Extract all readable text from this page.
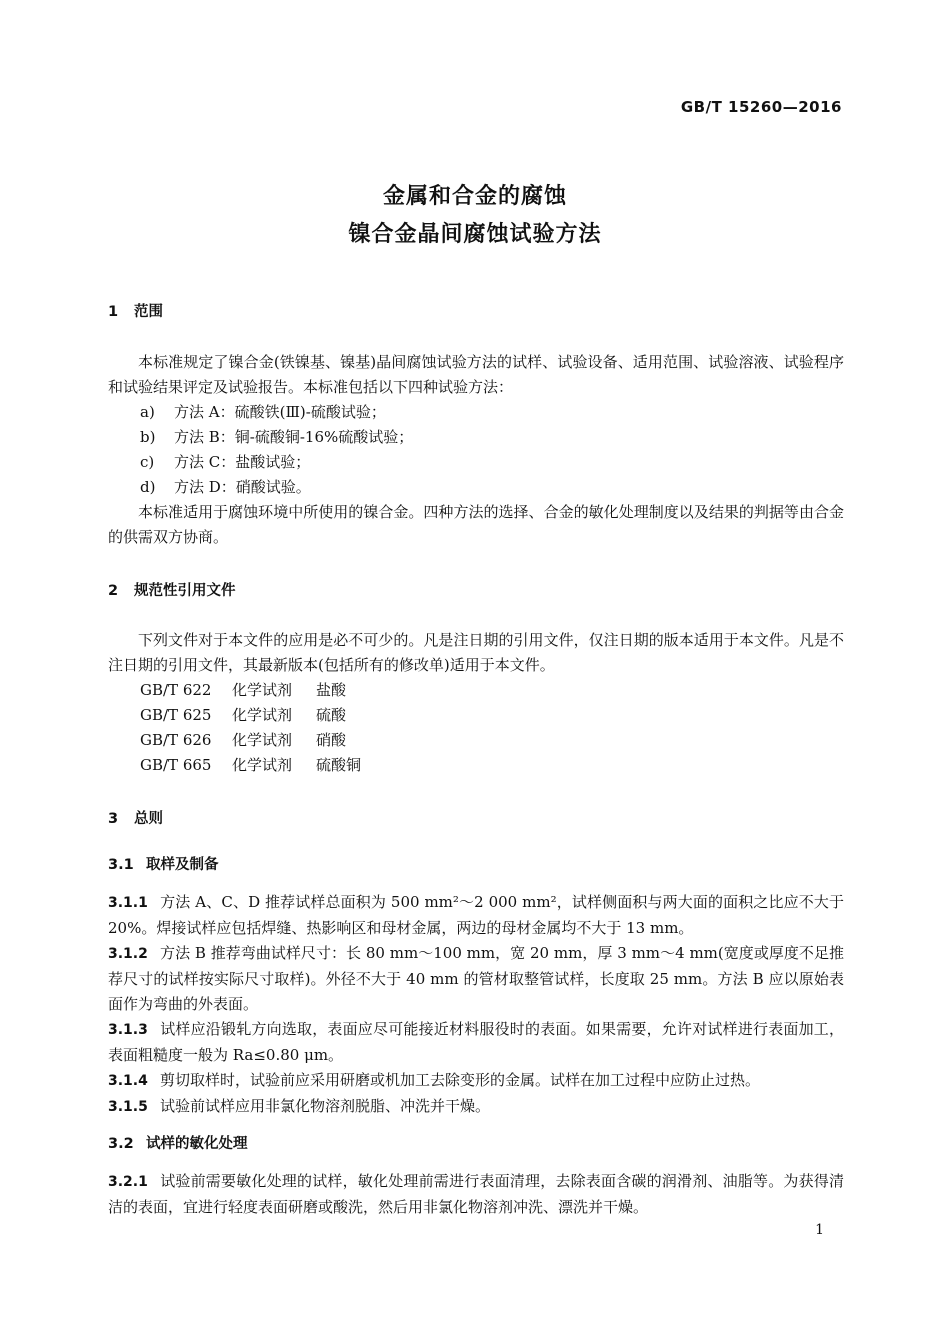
GB/T 15260—2016
金属和合金的腐蚀
镍合金晶间腐蚀试验方法
1 范围

本标准规定了镍合金(铁镍基、镍基)晶间腐蚀试验方法的试样、试验设备、适用范围、试验溶液、试验程序和试验结果评定及试验报告。本标准包括以下四种试验方法：

a) 方法 A：硫酸铁(Ⅲ)-硫酸试验；

b) 方法 B：铜-硫酸铜-16%硫酸试验；

c) 方法 C：盐酸试验；

d) 方法 D：硝酸试验。

本标准适用于腐蚀环境中所使用的镍合金。四种方法的选择、合金的敏化处理制度以及结果的判据等由合金的供需双方协商。

2 规范性引用文件

下列文件对于本文件的应用是必不可少的。凡是注日期的引用文件，仅注日期的版本适用于本文件。凡是不注日期的引用文件，其最新版本(包括所有的修改单)适用于本文件。

GB/T 622 化学试剂 盐酸

GB/T 625 化学试剂 硫酸

GB/T 626 化学试剂 硝酸

GB/T 665 化学试剂 硫酸铜

3 总则
3.1 取样及制备

3.1.1 方法 A、C、D 推荐试样总面积为 500 mm²～2 000 mm²，试样侧面积与两大面的面积之比应不大于 20%。焊接试样应包括焊缝、热影响区和母材金属，两边的母材金属均不大于 13 mm。

3.1.2 方法 B 推荐弯曲试样尺寸：长 80 mm～100 mm，宽 20 mm，厚 3 mm～4 mm(宽度或厚度不足推荐尺寸的试样按实际尺寸取样)。外径不大于 40 mm 的管材取整管试样，长度取 25 mm。方法 B 应以原始表面作为弯曲的外表面。

3.1.3 试样应沿锻轧方向选取，表面应尽可能接近材料服役时的表面。如果需要，允许对试样进行表面加工，表面粗糙度一般为 Ra≤0.80 μm。

3.1.4 剪切取样时，试验前应采用研磨或机加工去除变形的金属。试样在加工过程中应防止过热。

3.1.5 试验前试样应用非氯化物溶剂脱脂、冲洗并干燥。

3.2 试样的敏化处理

3.2.1 试验前需要敏化处理的试样，敏化处理前需进行表面清理，去除表面含碳的润滑剂、油脂等。为获得清洁的表面，宜进行轻度表面研磨或酸洗，然后用非氯化物溶剂冲洗、漂洗并干燥。

1
